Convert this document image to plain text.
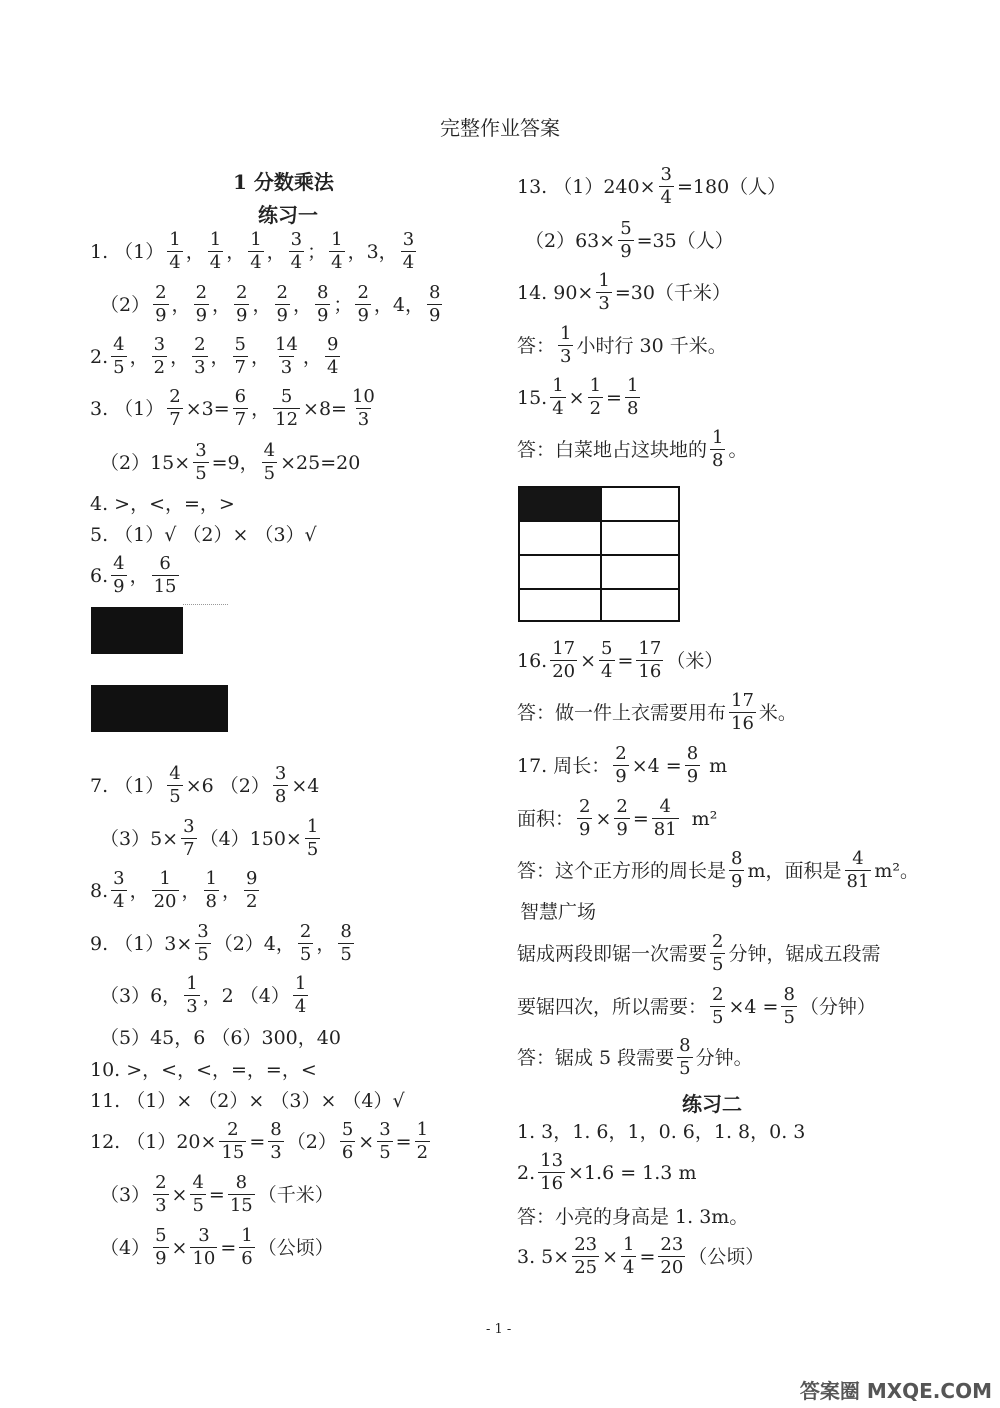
完整作业答案
1 分数乘法
练习一
1. $(1) \frac{1}{4}$ ， $\frac{1}{4}$ ， $\frac{1}{4}$ ， $\frac{3}{4}$ ； $\frac{1}{4}$ ，3， $\frac{3}{4}$
$(2) \frac{2}{9}$ ， $\frac{2}{9}$ ， $\frac{2}{9}$ ， $\frac{2}{9}$ ， $\frac{8}{9}$ ； $\frac{2}{9}$ ，4， $\frac{8}{9}$
2. $\frac{4}{5}$ ， $\frac{3}{2}$ ， $\frac{2}{3}$ ， $\frac{5}{7}$ ， $\frac{14}{3}$ ， $\frac{9}{4}$
3. $(1) \frac{2}{7} \times 3= \frac{6}{7}$ ， $\frac{5}{12} \times 8= \frac{10}{3}$
$(2)15\times \frac{3}{5} =9$， $\frac{4}{5} \times 25=20$
4. >，<，=，>
5. （1）√ （2）× （3）√
6. $\frac{4}{9}$ ， $\frac{6}{15}$
7. $(1) \frac{4}{5} \times 6$ $(2) \frac{3}{8} \times 4$
$(3)5\times \frac{3}{7} (4)150\times \frac{1}{5}$
8. $\frac{3}{4}$ ， $\frac{1}{20}$ ， $\frac{1}{8}$ ， $\frac{9}{2}$
9. $(1)3\times \frac{3}{5} (2)4$， $\frac{2}{5}$ ， $\frac{8}{5}$
（3）6， $\frac{1}{3}$ ，2 $(4) \frac{1}{4}$
（5）45，6 （6）300，40
10. >，<，<，=，=，<
11. （1）× （2）× （3）× （4）√
12. $(1)20\times \frac{2}{15} = \frac{8}{3} (2) \frac{5}{6} \times \frac{3}{5} = \frac{1}{2}$
$(3) \frac{2}{3} \times \frac{4}{5} = \frac{8}{15}$ （千米）
$(4) \frac{5}{9} \times \frac{3}{10} = \frac{1}{6}$ （公顷）
13. $(1)240\times \frac{3}{4} =180$（人）
$(2)63\times \frac{5}{9} =35$（人）
14. $90\times \frac{1}{3} =30$（千米）
答： $\frac{1}{3}$ 小时行 30 千米。
15. $\frac{1}{4} \times \frac{1}{2} = \frac{1}{8}$
答：白菜地占这块地的 $\frac{1}{8}$ 。
16. $\frac{17}{20} \times \frac{5}{4} = \frac{17}{16}$ （米）
答：做一件上衣需要用布 $\frac{17}{16}$ 米。
17. 周长： $\frac{2}{9} \times 4 = \frac{8}{9}$ m
面积： $\frac{2}{9} \times \frac{2}{9} = \frac{4}{81} m^2$
答：这个正方形的周长是 $\frac{8}{9}$ m，面积是 $\frac{4}{81} m^2$。
智慧广场
锯成两段即锯一次需要 $\frac{2}{5}$ 分钟，锯成五段需
要锯四次，所以需要： $\frac{2}{5} \times 4 = \frac{8}{5}$ （分钟）
答：锯成 5 段需要 $\frac{8}{5}$ 分钟。
练习二
1. 3，1. 6，1，0. 6，1. 8，0. 3
2. $\frac{13}{16} \times 1.6 = 1.3$ m
答：小亮的身高是 1. 3m。
3. $5\times \frac{23}{25} \times \frac{1}{4} = \frac{23}{20}$ （公顷）
- 1 -
答案圈 MXQE.COM
